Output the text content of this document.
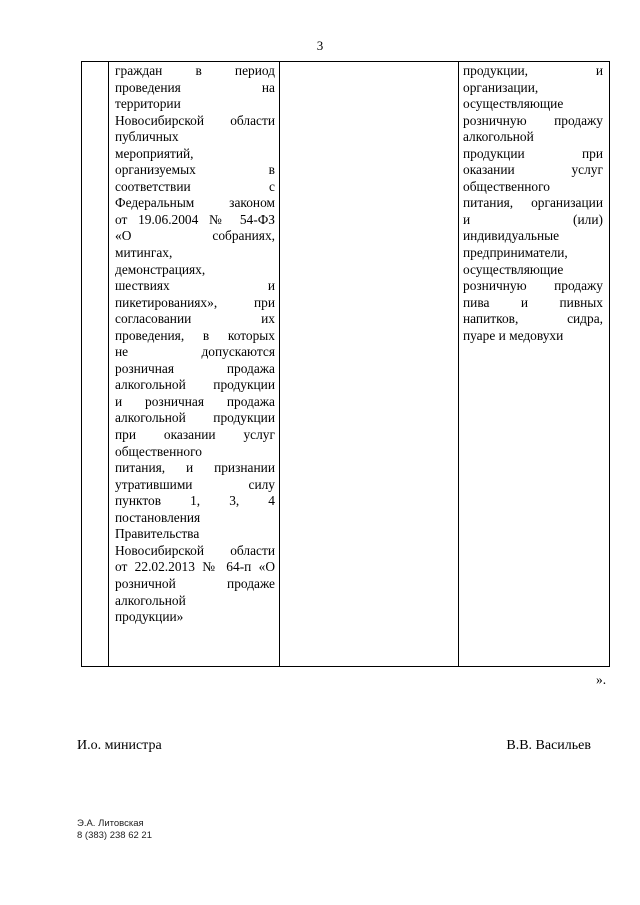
3

граждан в период
проведения на
территории
Новосибирской области
публичных
мероприятий,
организуемых в
соответствии с
Федеральным законом
от 19.06.2004 № 54-ФЗ
«О собраниях,
митингах,
демонстрациях,
шествиях и
пикетированиях», при
согласовании их
проведения, в которых
не допускаются
розничная продажа
алкогольной продукции
и розничная продажа
алкогольной продукции
при оказании услуг
общественного
питания, и признании
утратившими силу
пунктов 1, 3, 4
постановления
Правительства
Новосибирской области
от 22.02.2013 № 64-п «О
розничной продаже
алкогольной
продукции»

продукции, и
организации,
осуществляющие
розничную продажу
алкогольной
продукции при
оказании услуг
общественного
питания, организации
и (или)
индивидуальные
предприниматели,
осуществляющие
розничную продажу
пива и пивных
напитков, сидра,
пуаре и медовухи
».
И.о. министра	В.В. Васильев
Э.А. Литовская
8 (383) 238 62 21
